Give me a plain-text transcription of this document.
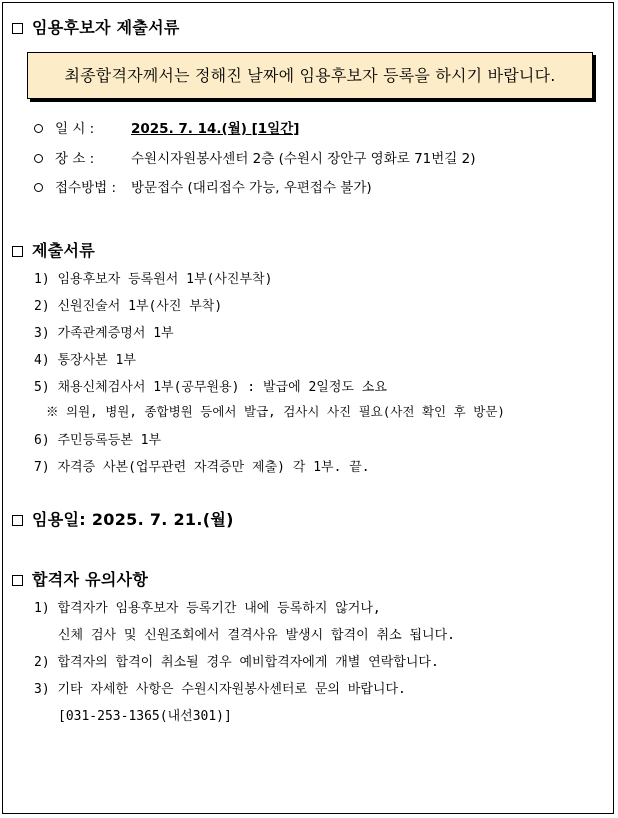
임용후보자 제출서류
최종합격자께서는 정해진 날짜에 임용후보자 등록을 하시기 바랍니다.
일 시 :	2025. 7. 14.(월) [1일간]
장 소 :	수원시자원봉사센터 2층 (수원시 장안구 영화로 71번길 2)
접수방법 : 방문접수 (대리접수 가능, 우편접수 불가)
제출서류
1) 임용후보자 등록원서 1부(사진부착)
2) 신원진술서 1부(사진 부착)
3) 가족관계증명서 1부
4) 통장사본 1부
5) 채용신체검사서 1부(공무원용) : 발급에 2일정도 소요
※ 의원, 병원, 종합병원 등에서 발급, 검사시 사진 필요(사전 확인 후 방문)
6) 주민등록등본 1부
7) 자격증 사본(업무관련 자격증만 제출) 각 1부. 끝.
임용일: 2025. 7. 21.(월)
합격자 유의사항
1) 합격자가 임용후보자 등록기간 내에 등록하지 않거나,
신체 검사 및 신원조회에서 결격사유 발생시 합격이 취소 됩니다.
2) 합격자의 합격이 취소될 경우 예비합격자에게 개별 연락합니다.
3) 기타 자세한 사항은 수원시자원봉사센터로 문의 바랍니다.
[031-253-1365(내선301)]
